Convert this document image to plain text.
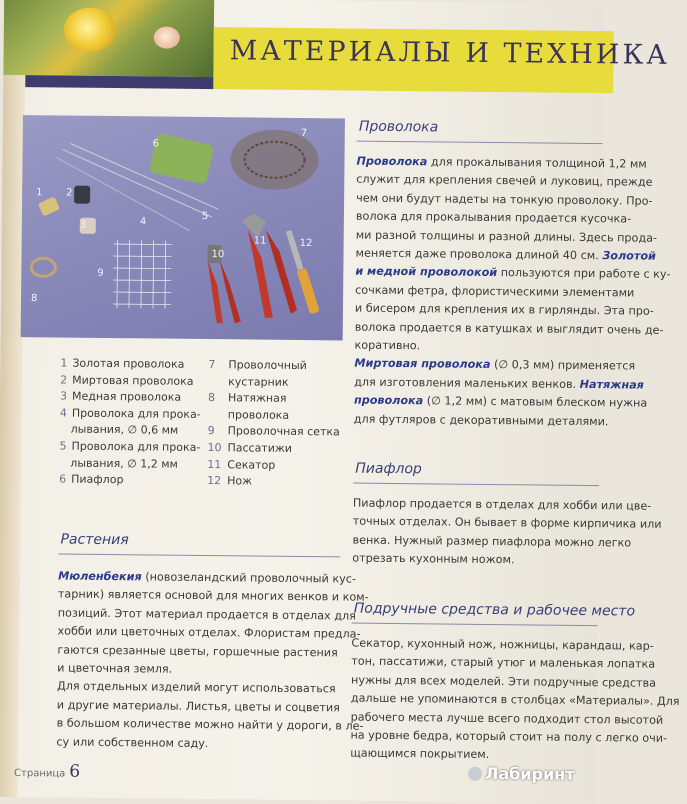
МАТЕРИАЛЫ И ТЕХНИКА
7
6
2
1
3	4	5
9
8
10
11	12
1 Золотая проволока
2 Миртовая проволока
3 Медная проволока
4 Проволока для прока-
лывания, ∅ 0,6 мм
5 Проволока для прока-
лывания, ∅ 1,2 мм
6 Пиафлор
7 Проволочный
кустарник
8 Натяжная
проволока
9 Проволочная сетка
10 Пассатижи
11 Секатор
12 Нож
Растения
Мюленбекия (новозеландский проволочный кус-
тарник) является основой для многих венков и ком-
позиций. Этот материал продается в отделах для
хобби или цветочных отделах. Флористам предла-
гаются срезанные цветы, горшечные растения
и цветочная земля.
Для отдельных изделий могут использоваться
и другие материалы. Листья, цветы и соцветия
в большом количестве можно найти у дороги, в ле-
су или собственном саду.
Проволока
Проволока для прокалывания толщиной 1,2 мм
служит для крепления свечей и луковиц, прежде
чем они будут надеты на тонкую проволоку. Про-
волока для прокалывания продается кусочка-
ми разной толщины и разной длины. Здесь прода-
меняется даже проволока длиной 40 см. Золотой
и медной проволокой пользуются при работе с ку-
сочками фетра, флористическими элементами
и бисером для крепления их в гирлянды. Эта про-
волока продается в катушках и выглядит очень де-
коративно.
Миртовая проволока (∅ 0,3 мм) применяется
для изготовления маленьких венков. Натяжная
проволока (∅ 1,2 мм) с матовым блеском нужна
для футляров с декоративными деталями.
Пиафлор
Пиафлор продается в отделах для хобби или цве-
точных отделах. Он бывает в форме кирпичика или
венка. Нужный размер пиафлора можно легко
отрезать кухонным ножом.
Подручные средства и рабочее место
Секатор, кухонный нож, ножницы, карандаш, кар-
тон, пассатижи, старый утюг и маленькая лопатка
нужны для всех моделей. Эти подручные средства
дальше не упоминаются в столбцах «Материалы». Для
рабочего места лучше всего подходит стол высотой
на уровне бедра, который стоит на полу с легко очи-
щающимся покрытием.
Страница 6	Лабиринт
